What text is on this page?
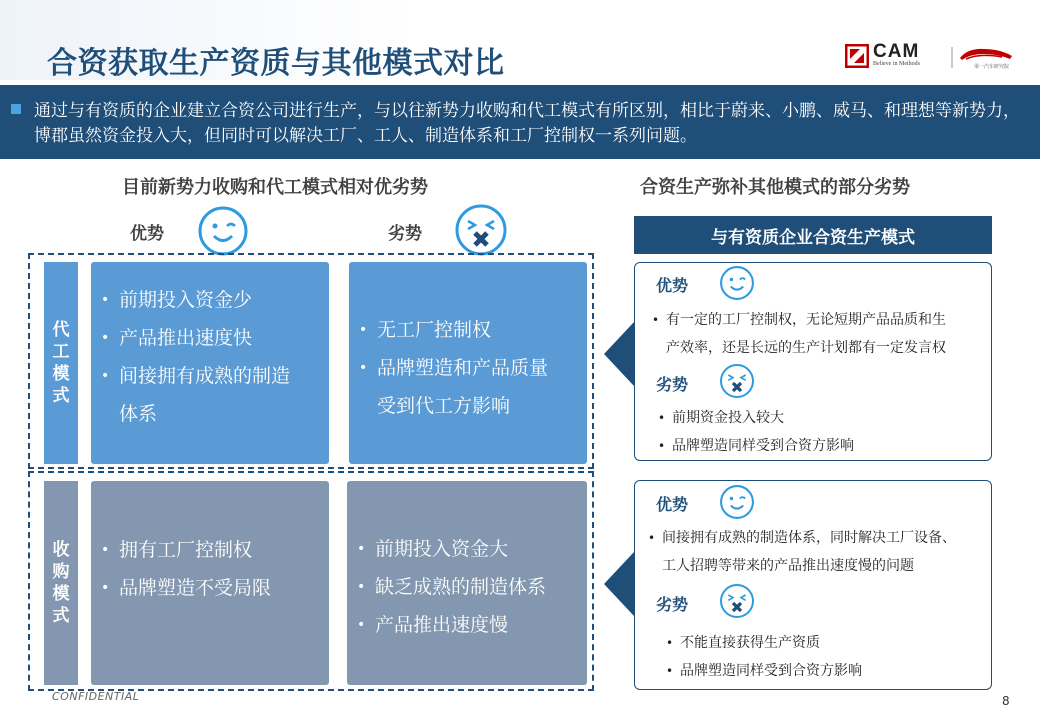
合资获取生产资质与其他模式对比	CAM
Believe in Methods	零一汽车研究院
通过与有资质的企业建立合资公司进行生产，与以往新势力收购和代工模式有所区别，相比于蔚来、小鹏、威马、和理想等新势力，博郡虽然资金投入大，但同时可以解决工厂、工人、制造体系和工厂控制权一系列问题。
目前新势力收购和代工模式相对优劣势	合资生产弥补其他模式的部分劣势
优势	劣势
代
工
模
式
• 前期投入资金少
• 产品推出速度快
• 间接拥有成熟的制造
体系
• 无工厂控制权
• 品牌塑造和产品质量
受到代工方影响
收
购
模
式
• 拥有工厂控制权
• 品牌塑造不受局限
• 前期投入资金大
• 缺乏成熟的制造体系
• 产品推出速度慢
与有资质企业合资生产模式
优势
• 有一定的工厂控制权，无论短期产品品质和生
产效率，还是长远的生产计划都有一定发言权
劣势
• 前期资金投入较大
• 品牌塑造同样受到合资方影响
优势
• 间接拥有成熟的制造体系，同时解决工厂设备、
工人招聘等带来的产品推出速度慢的问题
劣势
• 不能直接获得生产资质
• 品牌塑造同样受到合资方影响
CONFIDENTIAL	8
